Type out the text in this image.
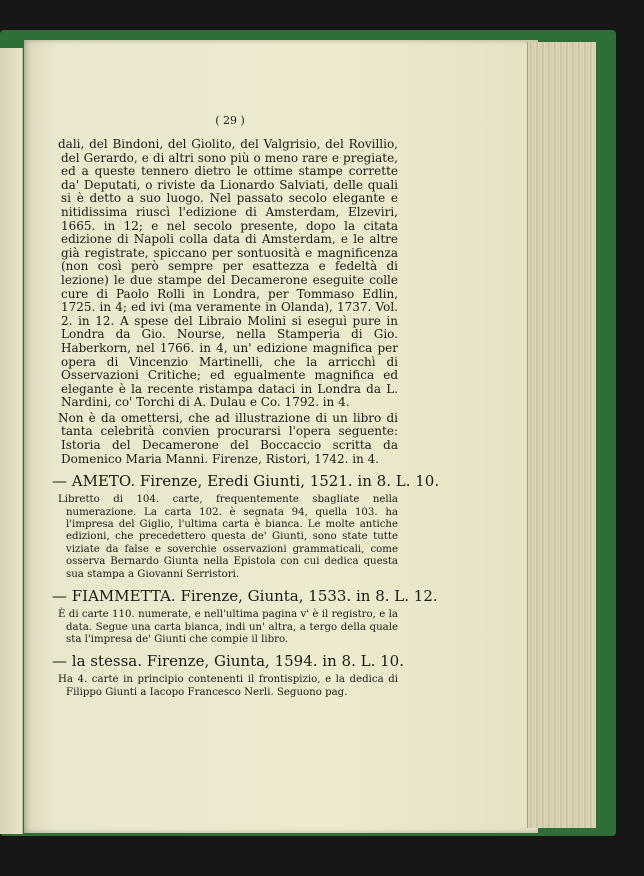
( 29 )

dali, del Bindoni, del Giolito, del Valgrisio, del Rovillio, del Gerardo, e di altri sono più o meno rare e pregiate, ed a queste tennero dietro le ottime stampe corrette da' Deputati, o riviste da Lionardo Salviati, delle quali si è detto a suo luogo. Nel passato secolo elegante e nitidissima riuscì l'edizione di Amsterdam, Elzeviri, 1665. in 12; e nel secolo presente, dopo la citata edizione di Napoli colla data di Amsterdam, e le altre già registrate, spiccano per sontuosità e magnificenza (non così però sempre per esattezza e fedeltà di lezione) le due stampe del Decamerone eseguite colle cure di Paolo Rolli in Londra, per Tommaso Edlin, 1725. in 4; ed ivi (ma veramente in Olanda), 1737. Vol. 2. in 12. A spese del Libraio Molini si eseguì pure in Londra da Gio. Nourse, nella Stamperia di Gio. Haberkorn, nel 1766. in 4, un' edizione magnifica per opera di Vincenzio Martinelli, che la arricchì di Osservazioni Critiche; ed egualmente magnifica ed elegante è la recente ristampa dataci in Londra da L. Nardini, co' Torchi di A. Dulau e Co. 1792. in 4.

Non è da omettersi, che ad illustrazione di un libro di tanta celebrità convien procurarsi l'opera seguente: Istoria del Decamerone del Boccaccio scritta da Domenico Maria Manni. Firenze, Ristori, 1742. in 4.

— AMETO. Firenze, Eredi Giunti, 1521. in 8. L. 10.

Libretto di 104. carte, frequentemente sbagliate nella numerazione. La carta 102. è segnata 94, quella 103. ha l'impresa del Giglio, l'ultima carta è bianca. Le molte antiche edizioni, che precedettero questa de' Giunti, sono state tutte viziate da false e soverchie osservazioni grammaticali, come osserva Bernardo Giunta nella Epistola con cui dedica questa sua stampa a Giovanni Serristori.

— FIAMMETTA. Firenze, Giunta, 1533. in 8. L. 12.

È di carte 110. numerate, e nell'ultima pagina v' è il registro, e la data. Segue una carta bianca, indi un' altra, a tergo della quale sta l'impresa de' Giunti che compie il libro.

— la stessa. Firenze, Giunta, 1594. in 8. L. 10.

Ha 4. carte in principio contenenti il frontispizio, e la dedica di Filippo Giunti a Iacopo Francesco Nerli. Seguono pag.
